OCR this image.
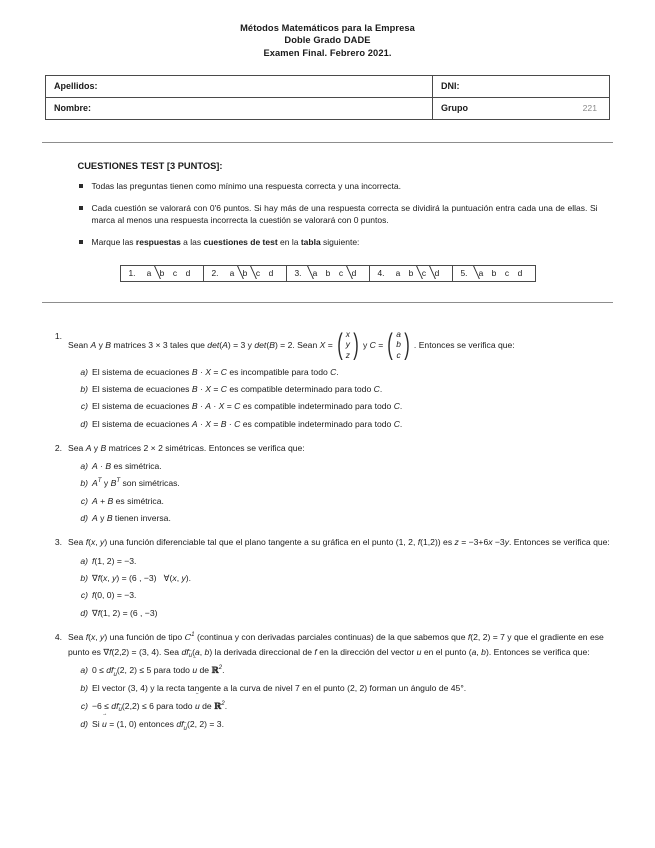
Métodos Matemáticos para la Empresa
Doble Grado DADE
Examen Final. Febrero 2021.
Apellidos:	DNI:
Nombre:	Grupo 221
CUESTIONES TEST [3 PUNTOS]:
Todas las preguntas tienen como mínimo una respuesta correcta y una incorrecta.
Cada cuestión se valorará con 0'6 puntos. Si hay más de una respuesta correcta se dividirá la puntuación entra cada una de ellas. Si marca al menos una respuesta incorrecta la cuestión se valorará con 0 puntos.
Marque las respuestas a las cuestiones de test en la tabla siguiente:
1.	a b	c	d	2.	a b	c	d	3.	a b	c	d	4.	a b	c	d	5.	a b	c	d
1.
Sean A y B matrices 3 × 3 tales que det(A) = 3 y det(B) = 2. Sean X = ( x
y
z ) y C = ( a
b
c ) . Entonces se verifica que:
a) El sistema de ecuaciones B · X = C es incompatible para todo C.
b) El sistema de ecuaciones B · X = C es compatible determinado para todo C.
c) El sistema de ecuaciones B · A · X = C es compatible indeterminado para todo C.
d) El sistema de ecuaciones A · X = B · C es compatible indeterminado para todo C.
2. Sea A y B matrices 2 × 2 simétricas. Entonces se verifica que:
a) A · B es simétrica.
b) $A^T$ y $B^T$ son simétricas.
c) A + B es simétrica.
d) A y B tienen inversa.
3. Sea f(x, y) una función diferenciable tal que el plano tangente a su gráfica en el punto (1, 2, f(1,2)) es z = −3+6x −3y. Entonces se verifica que:
a) f(1, 2) = −3.
b) ∇f(x, y) = (6 , −3)   ∀(x, y).
c) f(0, 0) = −3.
d) ∇f(1, 2) = (6 , −3)
4. Sea f(x, y) una función de tipo $C^1$ (continua y con derivadas parciales continuas) de la que sabemos que f(2, 2) = 7 y que el gradiente en ese punto es ∇f(2,2) = (3, 4). Sea $df_u(a$, b) la derivada direccional de f en la dirección del vector u ‾ en el punto (a, b). Entonces se verifica que:
a) $0 \le df_u(2$, 2) ≤ 5 para todo u ‾ de ℝ$^2$.
b) El vector (3, 4) y la recta tangente a la curva de nivel 7 en el punto (2, 2) forman un ángulo de 45°.
$c) -6 \le df_u(2,2) \le 6$ para todo u ‾ de ℝ$^2$.
d) Si u → = (1, 0) entonces $df_u(2$, 2) = 3.
